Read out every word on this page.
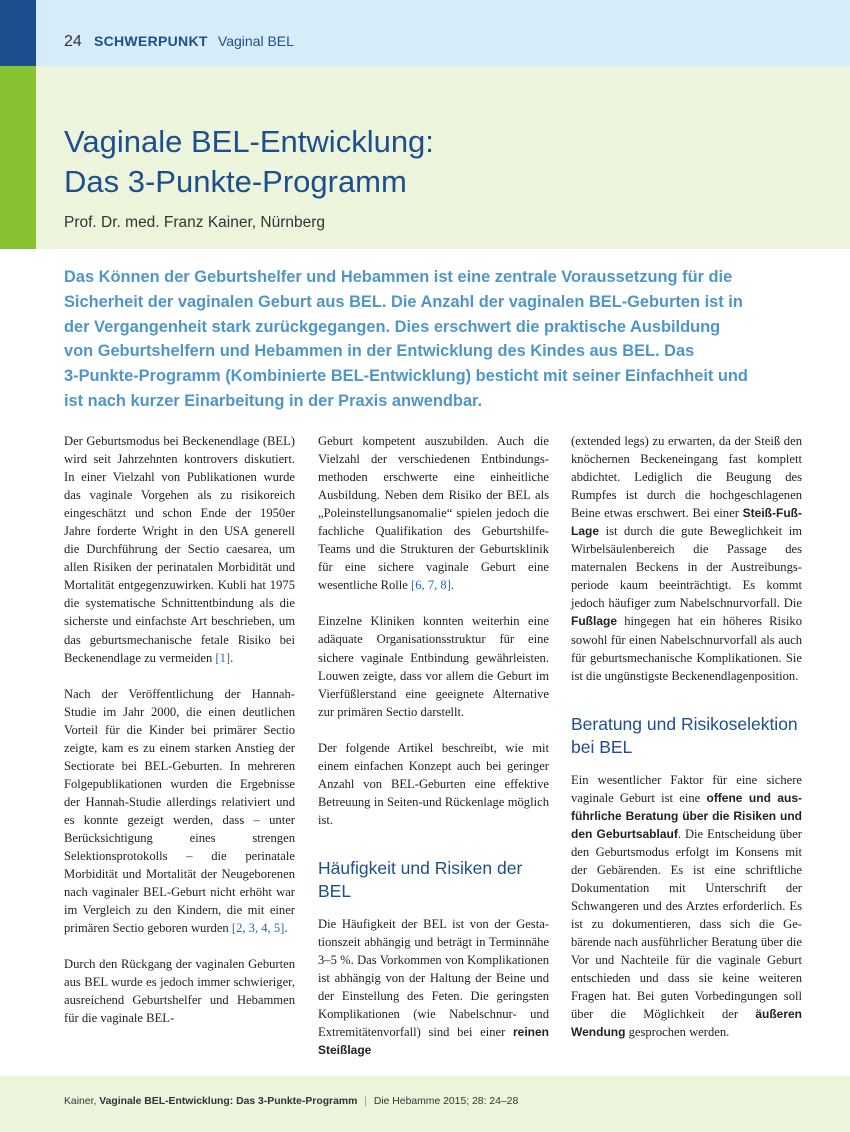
24 SCHWERPUNKT Vaginal BEL
Vaginale BEL-Entwicklung:
Das 3-Punkte-Programm
Prof. Dr. med. Franz Kainer, Nürnberg
Das Können der Geburtshelfer und Hebammen ist eine zentrale Voraussetzung für die
Sicherheit der vaginalen Geburt aus BEL. Die Anzahl der vaginalen BEL-Geburten ist in
der Vergangenheit stark zurückgegangen. Dies erschwert die praktische Ausbildung
von Geburtshelfern und Hebammen in der Entwicklung des Kindes aus BEL. Das
3-Punkte-Programm (Kombinierte BEL-Entwicklung) besticht mit seiner Einfachheit und
ist nach kurzer Einarbeitung in der Praxis anwendbar.

Der Geburtsmodus bei Beckenendlage (BEL) wird seit Jahrzehnten kontrovers diskutiert. In einer Vielzahl von Publikationen wurde das vaginale Vorgehen als zu risikoreich eingeschätzt und schon Ende der 1950er Jahre forderte Wright in den USA generell die Durchführung der Sectio caesarea, um allen Risiken der perinatalen Morbidität und Mortalität entgegenzuwirken. Kubli hat 1975 die systematische Schnittentbindung als die sicherste und einfachste Art beschrieben, um das geburtsmechanische fetale Risiko bei Beckenendlage zu vermeiden [1].

Nach der Veröffentlichung der Hannah-Studie im Jahr 2000, die einen deutlichen Vorteil für die Kinder bei primärer Sectio zeigte, kam es zu einem starken Anstieg der Sectiorate bei BEL-Geburten. In mehreren Folgepublikationen wurden die Ergebnisse der Hannah-Studie allerdings relativiert und es konnte gezeigt werden, dass – unter Berücksichtigung eines strengen Selektionsprotokolls – die perinatale Morbidität und Mortalität der Neugeborenen nach vaginaler BEL-Geburt nicht erhöht war im Vergleich zu den Kindern, die mit einer primären Sectio geboren wurden [2, 3, 4, 5].

Durch den Rückgang der vaginalen Geburten aus BEL wurde es jedoch immer schwieriger, ausreichend Geburtshelfer und Hebammen für die vaginale BEL-

Geburt kompetent auszubilden. Auch die Vielzahl der verschiedenen Entbindungsmethoden erschwerte eine einheitliche Ausbildung. Neben dem Risiko der BEL als „Poleinstellungsanomalie“ spielen jedoch die fachliche Qualifikation des Geburtshilfe-Teams und die Strukturen der Geburtsklinik für eine sichere vaginale Geburt eine wesentliche Rolle [6, 7, 8].

Einzelne Kliniken konnten weiterhin eine adäquate Organisationsstruktur für eine sichere vaginale Entbindung gewährleisten. Louwen zeigte, dass vor allem die Geburt im Vierfüßlerstand eine geeignete Alternative zur primären Sectio darstellt.

Der folgende Artikel beschreibt, wie mit einem einfachen Konzept auch bei geringer Anzahl von BEL-Geburten eine effektive Betreuung in Seiten-und Rückenlage möglich ist.

Häufigkeit und Risiken der BEL

Die Häufigkeit der BEL ist von der Gestationszeit abhängig und beträgt in Terminnähe 3–5 %. Das Vorkommen von Komplikationen ist abhängig von der Haltung der Beine und der Einstellung des Feten. Die geringsten Komplikationen (wie Nabelschnur- und Extremitätenvorfall) sind bei einer reinen Steißlage

(extended legs) zu erwarten, da der Steiß den knöchernen Beckeneingang fast komplett abdichtet. Lediglich die Beugung des Rumpfes ist durch die hochgeschlagenen Beine etwas erschwert. Bei einer Steiß-Fuß-Lage ist durch die gute Beweglichkeit im Wirbelsäulenbereich die Passage des maternalen Beckens in der Austreibungsperiode kaum beeinträchtigt. Es kommt jedoch häufiger zum Nabelschnurvorfall. Die Fußlage hingegen hat ein höheres Risiko sowohl für einen Nabelschnurvorfall als auch für geburtsmechanische Komplikationen. Sie ist die ungünstigste Beckenendlagenposition.

Beratung und Risikoselektion bei BEL

Ein wesentlicher Faktor für eine sichere vaginale Geburt ist eine offene und ausführliche Beratung über die Risiken und den Geburtsablauf. Die Entscheidung über den Geburtsmodus erfolgt im Konsens mit der Gebärenden. Es ist eine schriftliche Dokumentation mit Unterschrift der Schwangeren und des Arztes erforderlich. Es ist zu dokumentieren, dass sich die Gebärende nach ausführlicher Beratung über die Vor und Nachteile für die vaginale Geburt entschieden und dass sie keine weiteren Fragen hat. Bei guten Vorbedingungen soll über die Möglichkeit der äußeren Wendung gesprochen werden.

Kainer, Vaginale BEL-Entwicklung: Das 3-Punkte-Programm | Die Hebamme 2015; 28: 24–28
